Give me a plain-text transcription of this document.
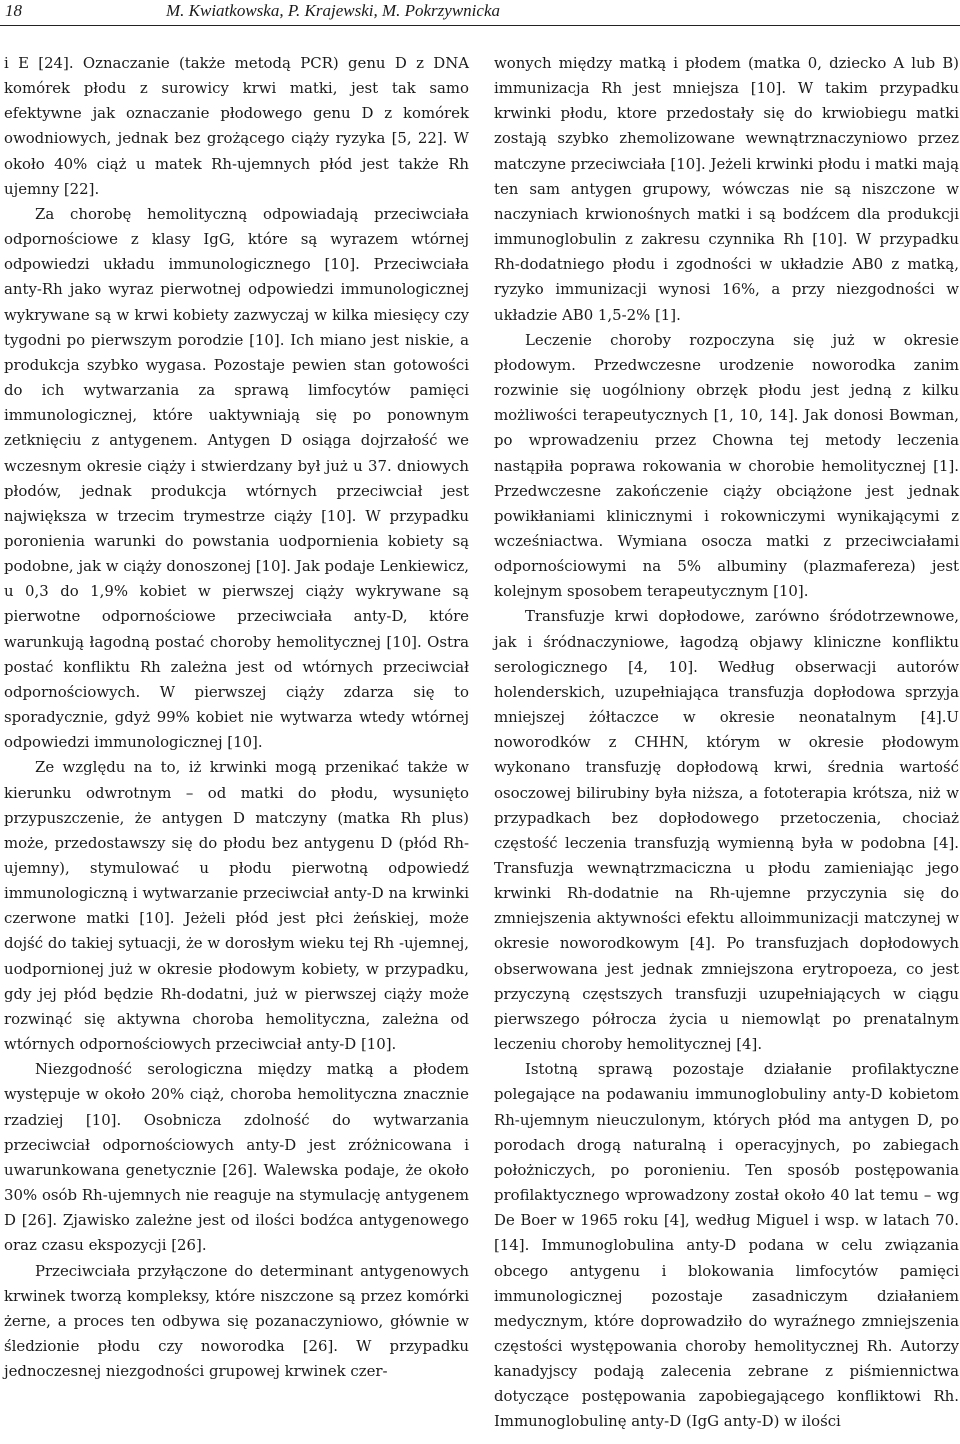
18	M. Kwiatkowska, P. Krajewski, M. Pokrzywnicka

i E [24]. Oznaczanie (także metodą PCR) genu D z DNA komórek płodu z surowicy krwi matki, jest tak samo efektywne jak oznaczanie płodowego genu D z komórek owodniowych, jednak bez grożącego ciąży ryzyka [5, 22]. W około 40% ciąż u matek Rh-ujemnych płód jest także Rh ujemny [22].

Za chorobę hemolityczną odpowiadają przeciwciała odpornościowe z klasy IgG, które są wyrazem wtórnej odpowiedzi układu immunologicznego [10]. Przeciwciała anty-Rh jako wyraz pierwotnej odpowiedzi immunologicznej wykrywane są w krwi kobiety zazwyczaj w kilka miesięcy czy tygodni po pierwszym porodzie [10]. Ich miano jest niskie, a produkcja szybko wygasa. Pozostaje pewien stan gotowości do ich wytwarzania za sprawą limfocytów pamięci immunologicznej, które uaktywniają się po ponownym zetknięciu z antygenem. Antygen D osiąga dojrzałość we wczesnym okresie ciąży i stwierdzany był już u 37. dniowych płodów, jednak produkcja wtórnych przeciwciał jest największa w trzecim trymestrze ciąży [10]. W przypadku poronienia warunki do powstania uodpornienia kobiety są podobne, jak w ciąży donoszonej [10]. Jak podaje Lenkiewicz, u 0,3 do 1,9% kobiet w pierwszej ciąży wykrywane są pierwotne odpornościowe przeciwciała anty-D, które warunkują łagodną postać choroby hemolitycznej [10]. Ostra postać konfliktu Rh zależna jest od wtórnych przeciwciał odpornościowych. W pierwszej ciąży zdarza się to sporadycznie, gdyż 99% kobiet nie wytwarza wtedy wtórnej odpowiedzi immunologicznej [10].

Ze względu na to, iż krwinki mogą przenikać także w kierunku odwrotnym – od matki do płodu, wysunięto przypuszczenie, że antygen D matczyny (matka Rh plus) może, przedostawszy się do płodu bez antygenu D (płód Rh-ujemny), stymulować u płodu pierwotną odpowiedź immunologiczną i wytwarzanie przeciwciał anty-D na krwinki czerwone matki [10]. Jeżeli płód jest płci żeńskiej, może dojść do takiej sytuacji, że w dorosłym wieku tej Rh -ujemnej, uodpornionej już w okresie płodowym kobiety, w przypadku, gdy jej płód będzie Rh-dodatni, już w pierwszej ciąży może rozwinąć się aktywna choroba hemolityczna, zależna od wtórnych odpornościowych przeciwciał anty-D [10].

Niezgodność serologiczna między matką a płodem występuje w około 20% ciąż, choroba hemolityczna znacznie rzadziej [10]. Osobnicza zdolność do wytwarzania przeciwciał odpornościowych anty-D jest zróżnicowana i uwarunkowana genetycznie [26]. Walewska podaje, że około 30% osób Rh-ujemnych nie reaguje na stymulację antygenem D [26]. Zjawisko zależne jest od ilości bodźca antygenowego oraz czasu ekspozycji [26].

Przeciwciała przyłączone do determinant antygenowych krwinek tworzą kompleksy, które niszczone są przez komórki żerne, a proces ten odbywa się pozanaczyniowo, głównie w śledzionie płodu czy noworodka [26]. W przypadku jednoczesnej niezgodności grupowej krwinek czer-

wonych między matką i płodem (matka 0, dziecko A lub B) immunizacja Rh jest mniejsza [10]. W takim przypadku krwinki płodu, ktore przedostały się do krwiobiegu matki zostają szybko zhemolizowane wewnątrznaczyniowo przez matczyne przeciwciała [10]. Jeżeli krwinki płodu i matki mają ten sam antygen grupowy, wówczas nie są niszczone w naczyniach krwionośnych matki i są bodźcem dla produkcji immunoglobulin z zakresu czynnika Rh [10]. W przypadku Rh-dodatniego płodu i zgodności w układzie AB0 z matką, ryzyko immunizacji wynosi 16%, a przy niezgodności w układzie AB0 1,5-2% [1].

Leczenie choroby rozpoczyna się już w okresie płodowym. Przedwczesne urodzenie noworodka zanim rozwinie się uogólniony obrzęk płodu jest jedną z kilku możliwości terapeutycznych [1, 10, 14]. Jak donosi Bowman, po wprowadzeniu przez Chowna tej metody leczenia nastąpiła poprawa rokowania w chorobie hemolitycznej [1]. Przedwczesne zakończenie ciąży obciążone jest jednak powikłaniami klinicznymi i rokowniczymi wynikającymi z wcześniactwa. Wymiana osocza matki z przeciwciałami odpornościowymi na 5% albuminy (plazmafereza) jest kolejnym sposobem terapeutycznym [10].

Transfuzje krwi dopłodowe, zarówno śródotrzewnowe, jak i śródnaczyniowe, łagodzą objawy kliniczne konfliktu serologicznego [4, 10]. Według obserwacji autorów holenderskich, uzupełniająca transfuzja dopłodowa sprzyja mniejszej żółtaczce w okresie neonatalnym [4].U noworodków z CHHN, którym w okresie płodowym wykonano transfuzję dopłodową krwi, średnia wartość osoczowej bilirubiny była niższa, a fototerapia krótsza, niż w przypadkach bez dopłodowego przetoczenia, chociaż częstość leczenia transfuzją wymienną była w podobna [4]. Transfuzja wewnątrzmaciczna u płodu zamieniając jego krwinki Rh-dodatnie na Rh-ujemne przyczynia się do zmniejszenia aktywności efektu alloimmunizacji matczynej w okresie noworodkowym [4]. Po transfuzjach dopłodowych obserwowana jest jednak zmniejszona erytropoeza, co jest przyczyną częstszych transfuzji uzupełniających w ciągu pierwszego półrocza życia u niemowląt po prenatalnym leczeniu choroby hemolitycznej [4].

Istotną sprawą pozostaje działanie profilaktyczne polegające na podawaniu immunoglobuliny anty-D kobietom Rh-ujemnym nieuczulonym, których płód ma antygen D, po porodach drogą naturalną i operacyjnych, po zabiegach położniczych, po poronieniu. Ten sposób postępowania profilaktycznego wprowadzony został około 40 lat temu – wg De Boer w 1965 roku [4], według Miguel i wsp. w latach 70. [14]. Immunoglobulina anty-D podana w celu związania obcego antygenu i blokowania limfocytów pamięci immunologicznej pozostaje zasadniczym działaniem medycznym, które doprowadziło do wyraźnego zmniejszenia częstości występowania choroby hemolitycznej Rh. Autorzy kanadyjscy podają zalecenia zebrane z piśmiennictwa dotyczące postępowania zapobiegającego konfliktowi Rh. Immunoglobulinę anty-D (IgG anty-D) w ilości
